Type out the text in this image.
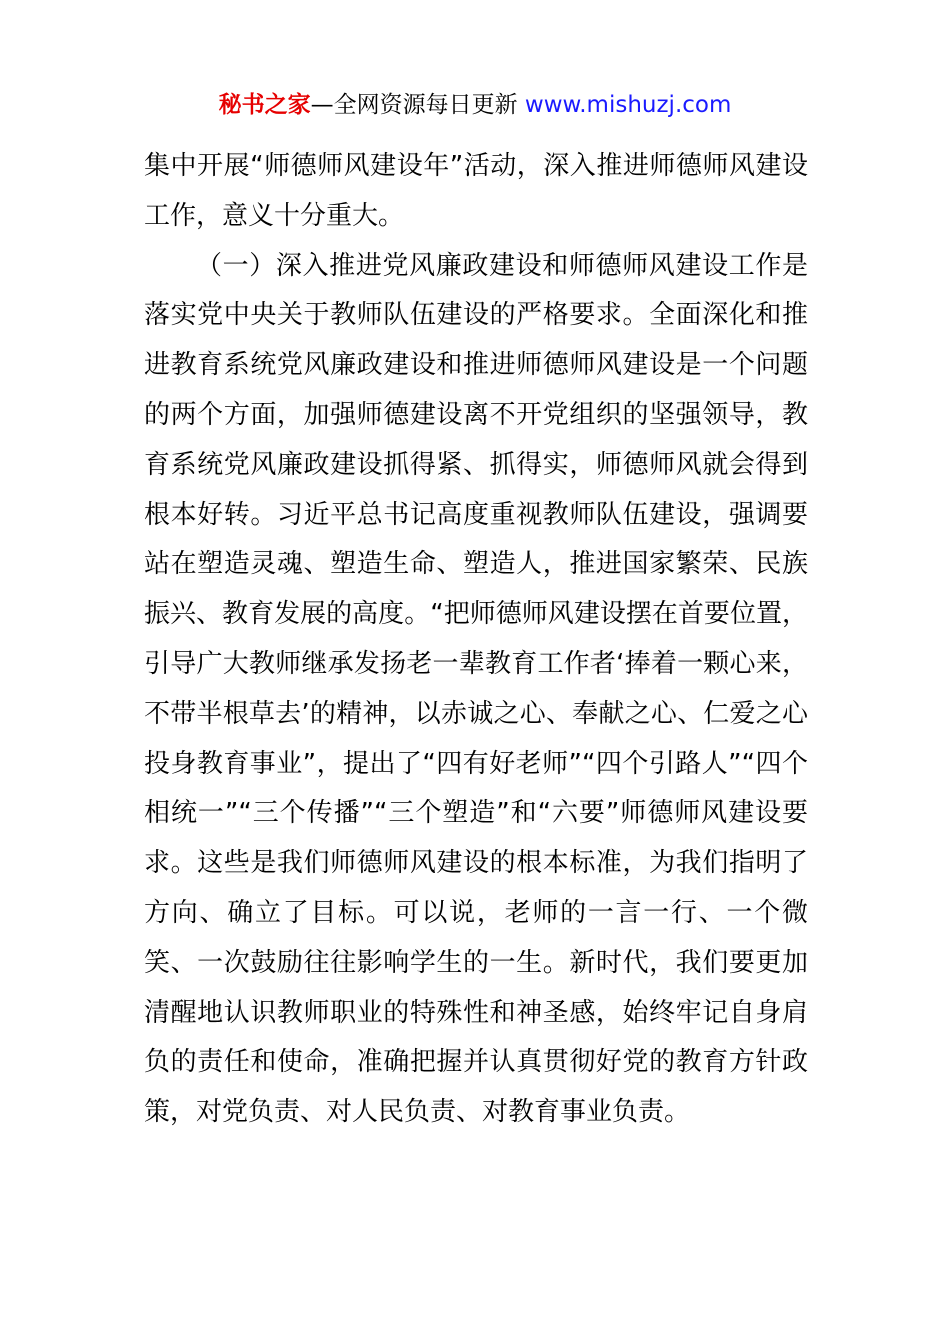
秘书之家—全网资源每日更新 www.mishuzj.com

集中开展“师德师风建设年”活动，深入推进师德师风建设工作，意义十分重大。

（一）深入推进党风廉政建设和师德师风建设工作是落实党中央关于教师队伍建设的严格要求。全面深化和推进教育系统党风廉政建设和推进师德师风建设是一个问题的两个方面，加强师德建设离不开党组织的坚强领导，教育系统党风廉政建设抓得紧、抓得实，师德师风就会得到根本好转。习近平总书记高度重视教师队伍建设，强调要站在塑造灵魂、塑造生命、塑造人，推进国家繁荣、民族振兴、教育发展的高度。“把师德师风建设摆在首要位置，引导广大教师继承发扬老一辈教育工作者‘捧着一颗心来，不带半根草去’的精神，以赤诚之心、奉献之心、仁爱之心投身教育事业”，提出了“四有好老师”“四个引路人”“四个相统一”“三个传播”“三个塑造”和“六要”师德师风建设要求。这些是我们师德师风建设的根本标准，为我们指明了方向、确立了目标。可以说，老师的一言一行、一个微笑、一次鼓励往往影响学生的一生。新时代，我们要更加清醒地认识教师职业的特殊性和神圣感，始终牢记自身肩负的责任和使命，准确把握并认真贯彻好党的教育方针政策，对党负责、对人民负责、对教育事业负责。
